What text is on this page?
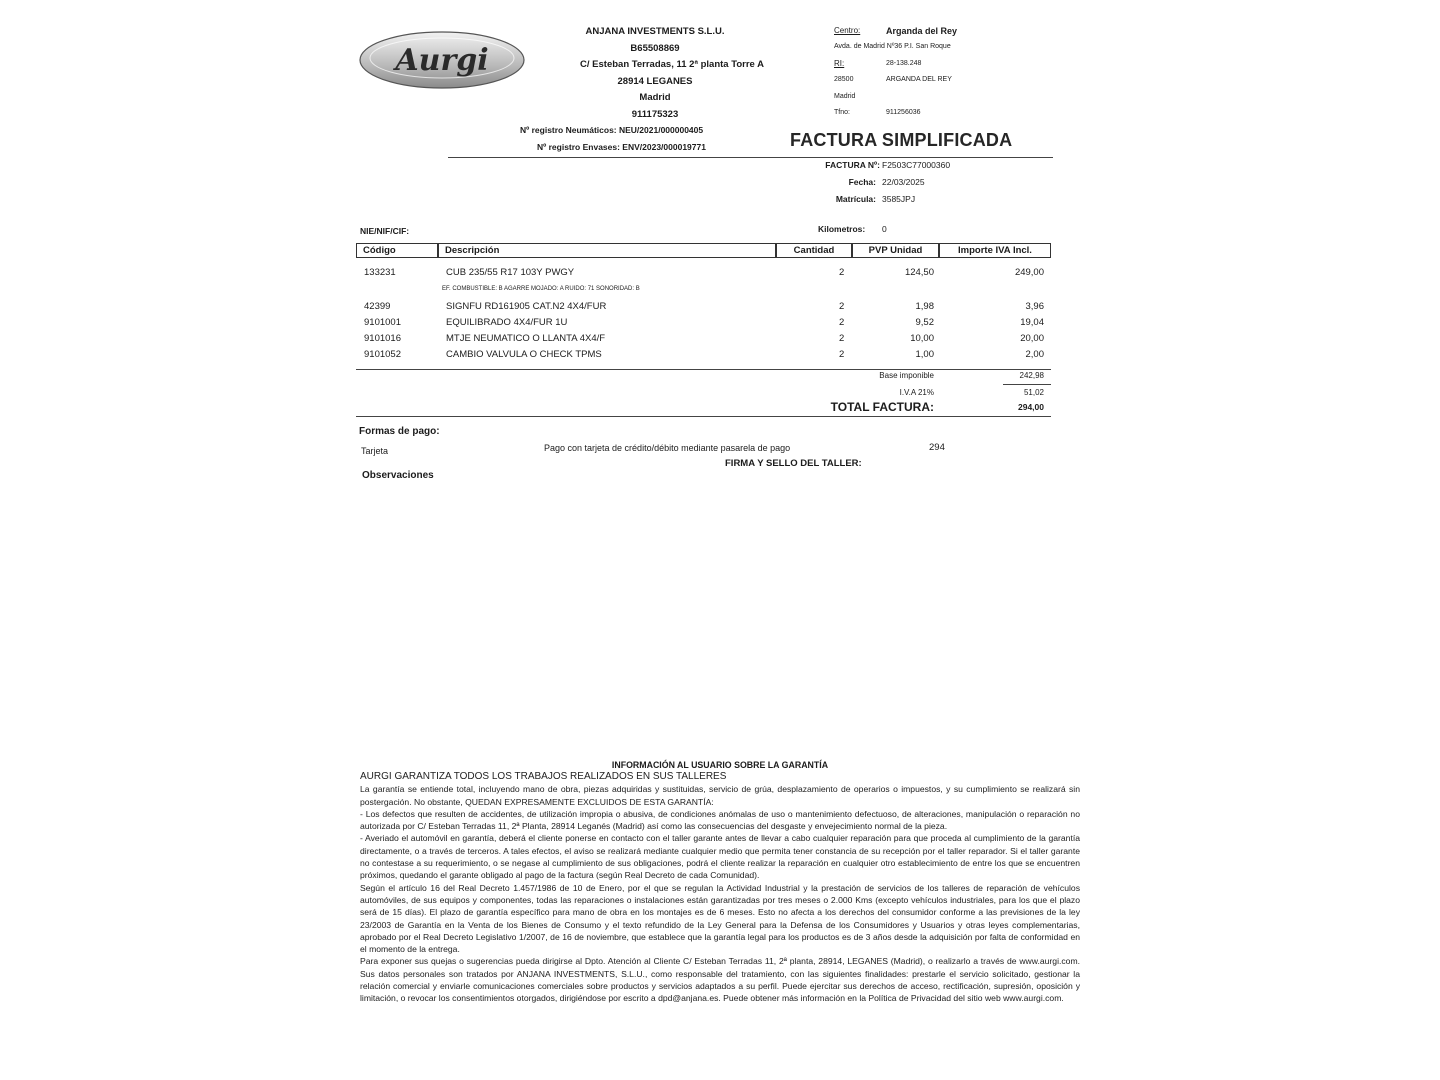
Aurgi
ANJANA INVESTMENTS S.L.U.
B65508869
C/ Esteban Terradas, 11 2ª planta Torre A
28914 LEGANES
Madrid
911175323
Nº registro Neumáticos: NEU/2021/000000405
Nº registro Envases: ENV/2023/000019771
Centro:	Arganda del Rey
Avda. de Madrid Nº36 P.I. San Roque
RI:	28-138.248
28500	ARGANDA DEL REY
Madrid
Tfno:	911256036
FACTURA SIMPLIFICADA
FACTURA Nº: F2503C77000360
Fecha: 22/03/2025
Matrícula: 3585JPJ
NIE/NIF/CIF:	Kilometros: 0
Código	Descripción	Cantidad	PVP Unidad	Importe IVA Incl.
133231	CUB 235/55 R17 103Y PWGY	2	124,50	249,00
EF. COMBUSTIBLE: B AGARRE MOJADO: A RUIDO: 71 SONORIDAD: B
42399	SIGNFU RD161905 CAT.N2 4X4/FUR	2	1,98	3,96
9101001	EQUILIBRADO 4X4/FUR 1U	2	9,52	19,04
9101016	MTJE NEUMATICO O LLANTA 4X4/F	2	10,00	20,00
9101052	CAMBIO VALVULA O CHECK TPMS	2	1,00	2,00
Base imponible	242,98
I.V.A 21%	51,02
TOTAL FACTURA:	294,00
Formas de pago:
Tarjeta	Pago con tarjeta de crédito/débito mediante pasarela de pago	294
FIRMA Y SELLO DEL TALLER:
Observaciones
INFORMACIÓN AL USUARIO SOBRE LA GARANTÍA

AURGI GARANTIZA TODOS LOS TRABAJOS REALIZADOS EN SUS TALLERES

La garantía se entiende total, incluyendo mano de obra, piezas adquiridas y sustituidas, servicio de grúa, desplazamiento de operarios o impuestos, y su cumplimiento se realizará sin postergación. No obstante, QUEDAN EXPRESAMENTE EXCLUIDOS DE ESTA GARANTÍA:

- Los defectos que resulten de accidentes, de utilización impropia o abusiva, de condiciones anómalas de uso o mantenimiento defectuoso, de alteraciones, manipulación o reparación no autorizada por C/ Esteban Terradas 11, 2ª Planta, 28914 Leganés (Madrid) así como las consecuencias del desgaste y envejecimiento normal de la pieza.

- Averiado el automóvil en garantía, deberá el cliente ponerse en contacto con el taller garante antes de llevar a cabo cualquier reparación para que proceda al cumplimiento de la garantía directamente, o a través de terceros. A tales efectos, el aviso se realizará mediante cualquier medio que permita tener constancia de su recepción por el taller reparador. Si el taller garante no contestase a su requerimiento, o se negase al cumplimiento de sus obligaciones, podrá el cliente realizar la reparación en cualquier otro establecimiento de entre los que se encuentren próximos, quedando el garante obligado al pago de la factura (según Real Decreto de cada Comunidad).

Según el artículo 16 del Real Decreto 1.457/1986 de 10 de Enero, por el que se regulan la Actividad Industrial y la prestación de servicios de los talleres de reparación de vehículos automóviles, de sus equipos y componentes, todas las reparaciones o instalaciones están garantizadas por tres meses o 2.000 Kms (excepto vehículos industriales, para los que el plazo será de 15 días). El plazo de garantía específico para mano de obra en los montajes es de 6 meses. Esto no afecta a los derechos del consumidor conforme a las previsiones de la ley 23/2003 de Garantía en la Venta de los Bienes de Consumo y el texto refundido de la Ley General para la Defensa de los Consumidores y Usuarios y otras leyes complementarias, aprobado por el Real Decreto Legislativo 1/2007, de 16 de noviembre, que establece que la garantía legal para los productos es de 3 años desde la adquisición por falta de conformidad en el momento de la entrega.

Para exponer sus quejas o sugerencias pueda dirigirse al Dpto. Atención al Cliente C/ Esteban Terradas 11, 2ª planta, 28914, LEGANES (Madrid), o realizarlo a través de www.aurgi.com. Sus datos personales son tratados por ANJANA INVESTMENTS, S.L.U., como responsable del tratamiento, con las siguientes finalidades: prestarle el servicio solicitado, gestionar la relación comercial y enviarle comunicaciones comerciales sobre productos y servicios adaptados a su perfil. Puede ejercitar sus derechos de acceso, rectificación, supresión, oposición y limitación, o revocar los consentimientos otorgados, dirigiéndose por escrito a dpd@anjana.es. Puede obtener más información en la Política de Privacidad del sitio web www.aurgi.com.
